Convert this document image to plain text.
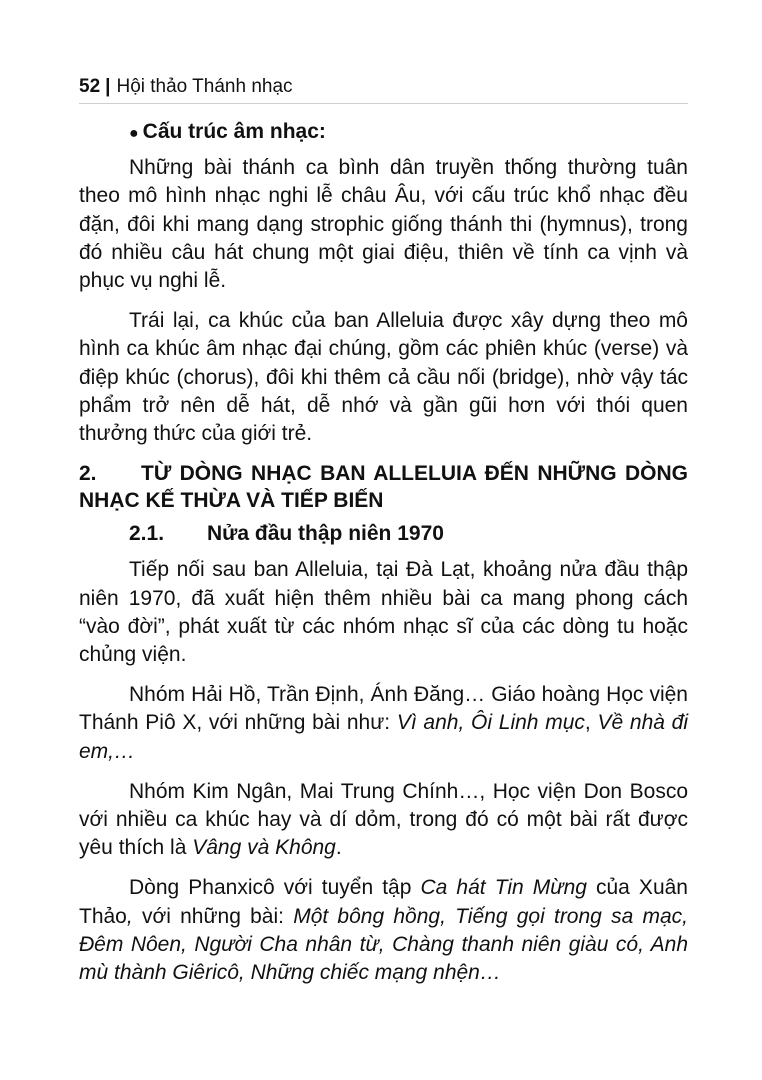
52 | Hội thảo Thánh nhạc
● Cấu trúc âm nhạc:

Những bài thánh ca bình dân truyền thống thường tuân theo mô hình nhạc nghi lễ châu Âu, với cấu trúc khổ nhạc đều đặn, đôi khi mang dạng strophic giống thánh thi (hymnus), trong đó nhiều câu hát chung một giai điệu, thiên về tính ca vịnh và phục vụ nghi lễ.

Trái lại, ca khúc của ban Alleluia được xây dựng theo mô hình ca khúc âm nhạc đại chúng, gồm các phiên khúc (verse) và điệp khúc (chorus), đôi khi thêm cả cầu nối (bridge), nhờ vậy tác phẩm trở nên dễ hát, dễ nhớ và gần gũi hơn với thói quen thưởng thức của giới trẻ.

2. TỪ DÒNG NHẠC BAN ALLELUIA ĐẾN NHỮNG DÒNG NHẠC KẾ THỪA VÀ TIẾP BIẾN
2.1. Nửa đầu thập niên 1970

Tiếp nối sau ban Alleluia, tại Đà Lạt, khoảng nửa đầu thập niên 1970, đã xuất hiện thêm nhiều bài ca mang phong cách “vào đời”, phát xuất từ các nhóm nhạc sĩ của các dòng tu hoặc chủng viện.

Nhóm Hải Hồ, Trần Định, Ánh Đăng… Giáo hoàng Học viện Thánh Piô X, với những bài như: Vì anh, Ôi Linh mục, Về nhà đi em,…

Nhóm Kim Ngân, Mai Trung Chính…, Học viện Don Bosco với nhiều ca khúc hay và dí dỏm, trong đó có một bài rất được yêu thích là Vâng và Không.

Dòng Phanxicô với tuyển tập Ca hát Tin Mừng của Xuân Thảo, với những bài: Một bông hồng, Tiếng gọi trong sa mạc, Đêm Nôen, Người Cha nhân từ, Chàng thanh niên giàu có, Anh mù thành Giêricô, Những chiếc mạng nhện…
